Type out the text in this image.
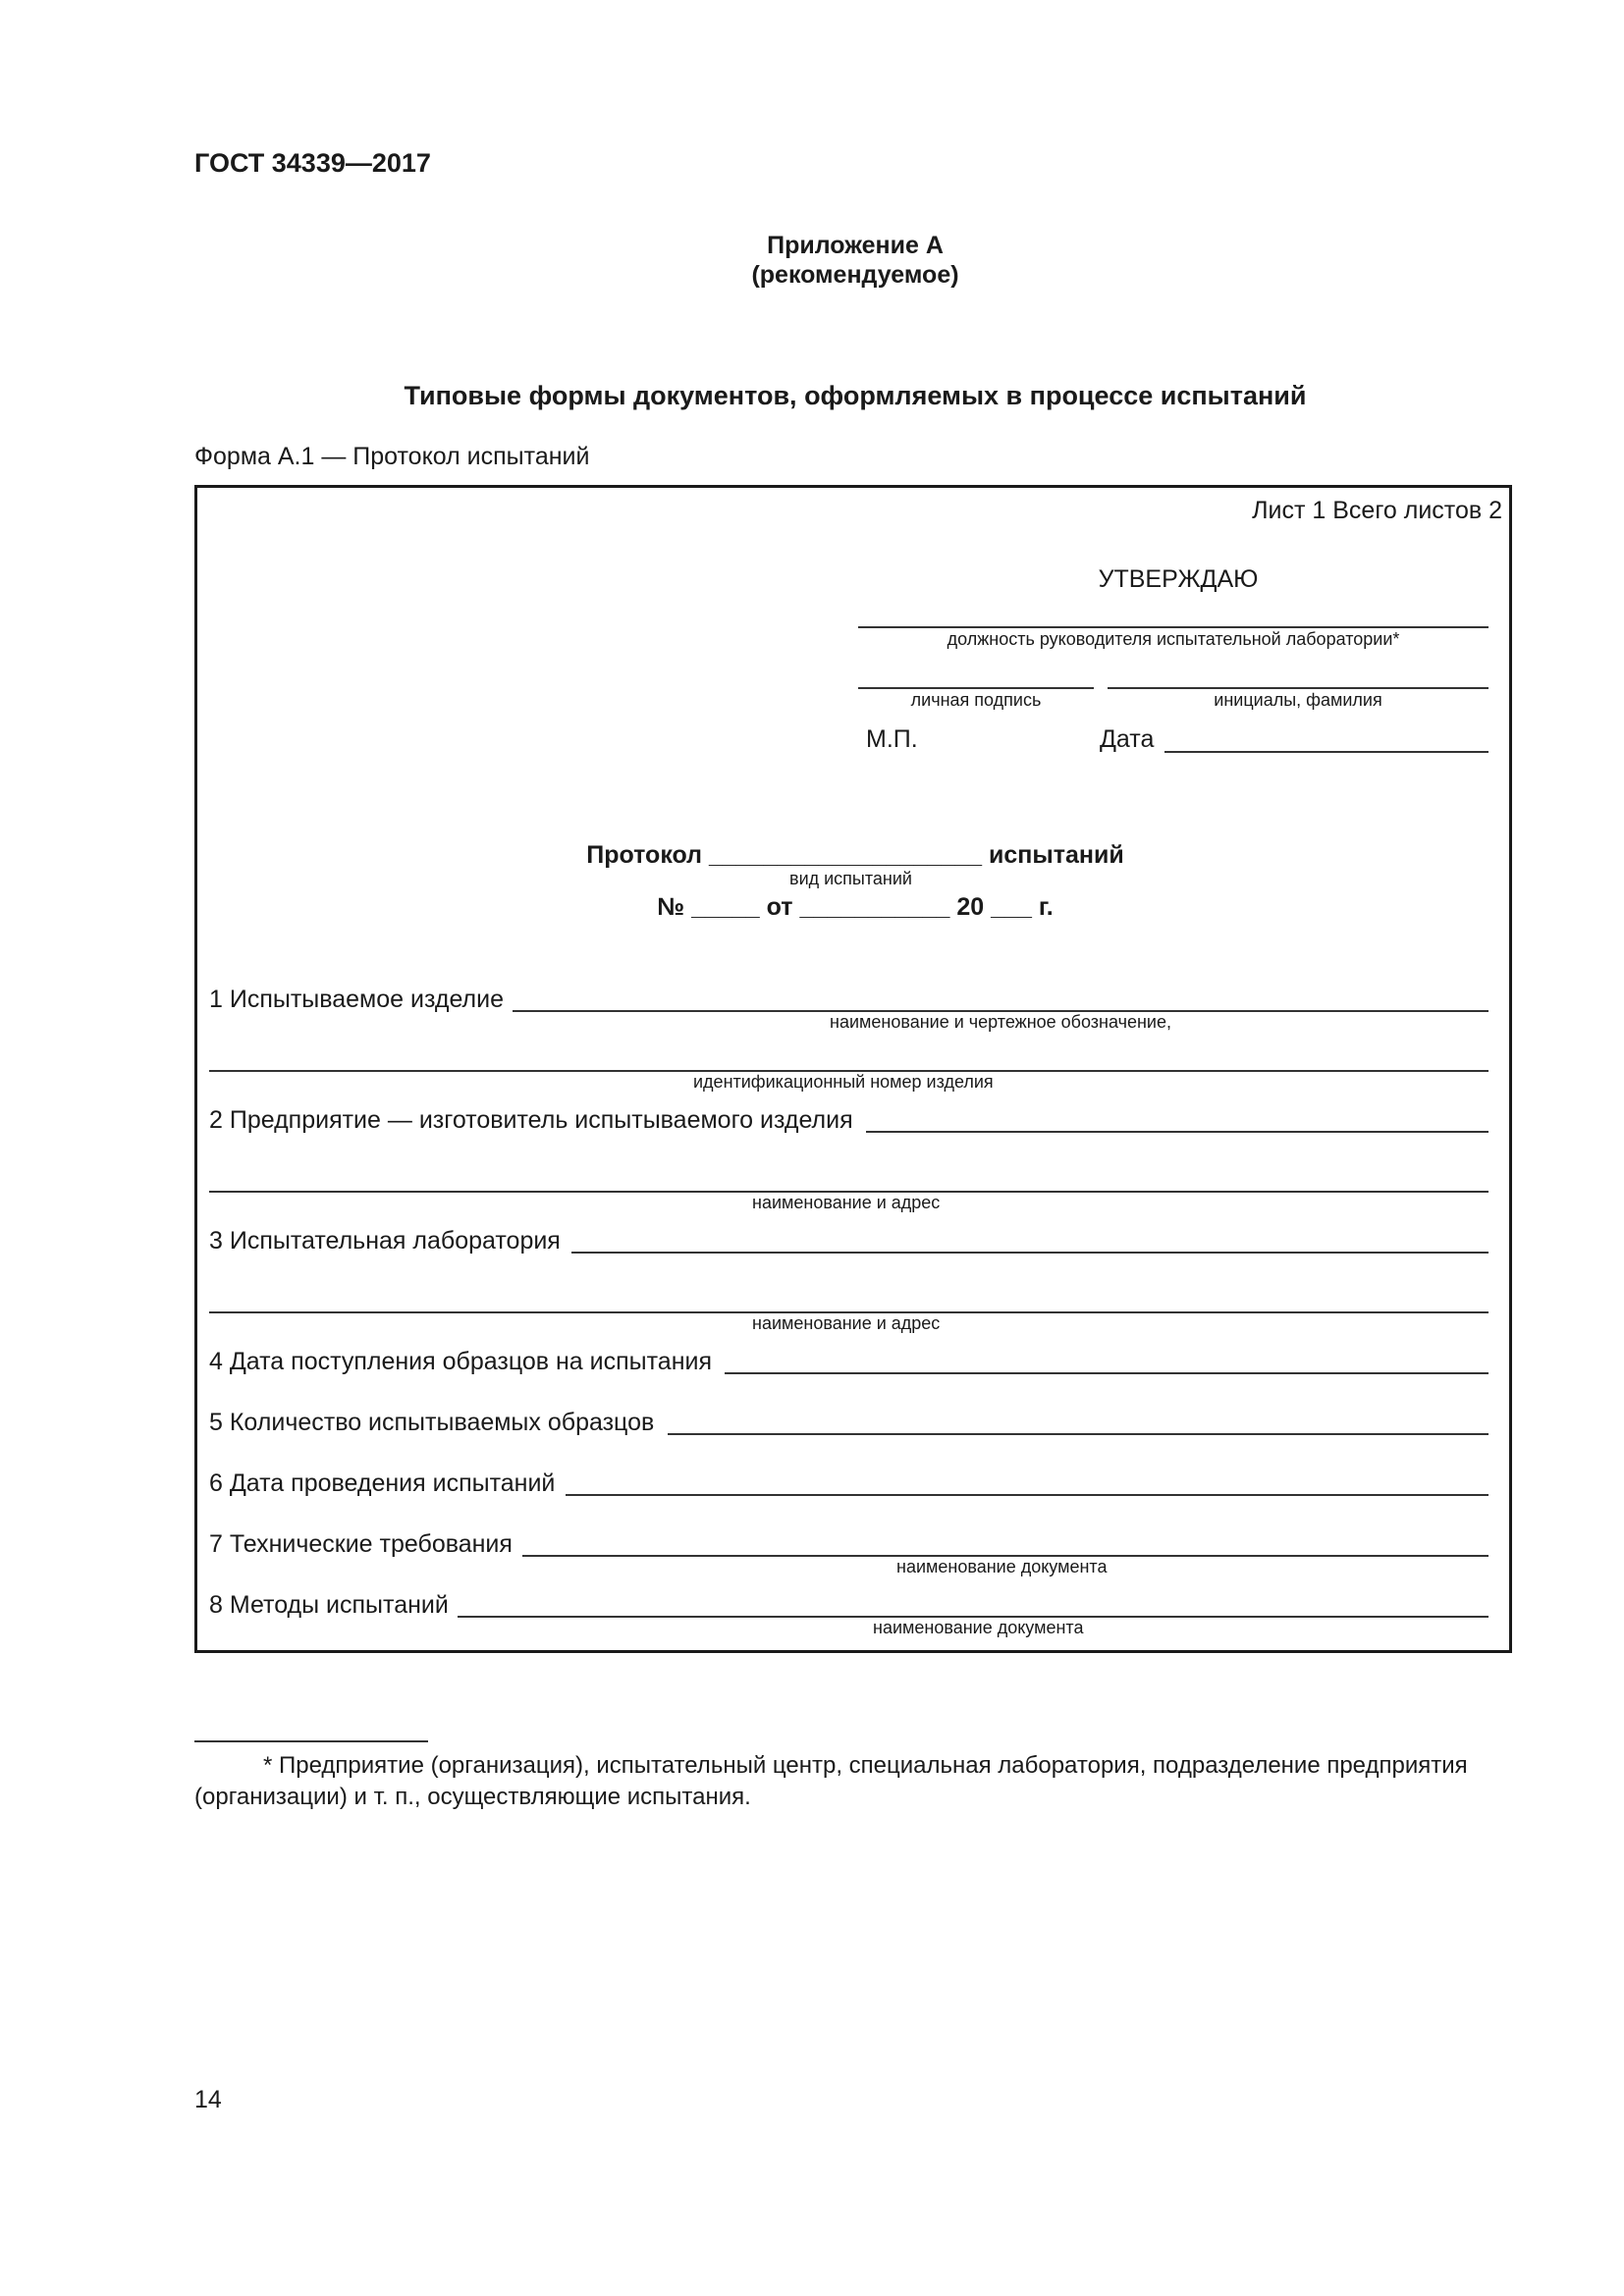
ГОСТ 34339—2017
Приложение А
(рекомендуемое)
Типовые формы документов, оформляемых в процессе испытаний
Форма А.1 — Протокол испытаний
Лист 1 Всего листов 2
УТВЕРЖДАЮ
должность руководителя испытательной лаборатории*
личная подпись	инициалы, фамилия
М.П.	Дата
Протокол ____________________ испытаний
вид испытаний
№ _____ от ___________ 20 ___ г.
1 Испытываемое изделие
наименование и чертежное обозначение,
идентификационный номер изделия
2 Предприятие — изготовитель испытываемого изделия
наименование и адрес
3 Испытательная лаборатория
наименование и адрес
4 Дата поступления образцов на испытания
5 Количество испытываемых образцов
6 Дата проведения испытаний
7 Технические требования
наименование документа
8 Методы испытаний
наименование документа
* Предприятие (организация), испытательный центр, специальная лаборатория, подразделение предприятия
(организации) и т. п., осуществляющие испытания.
14
